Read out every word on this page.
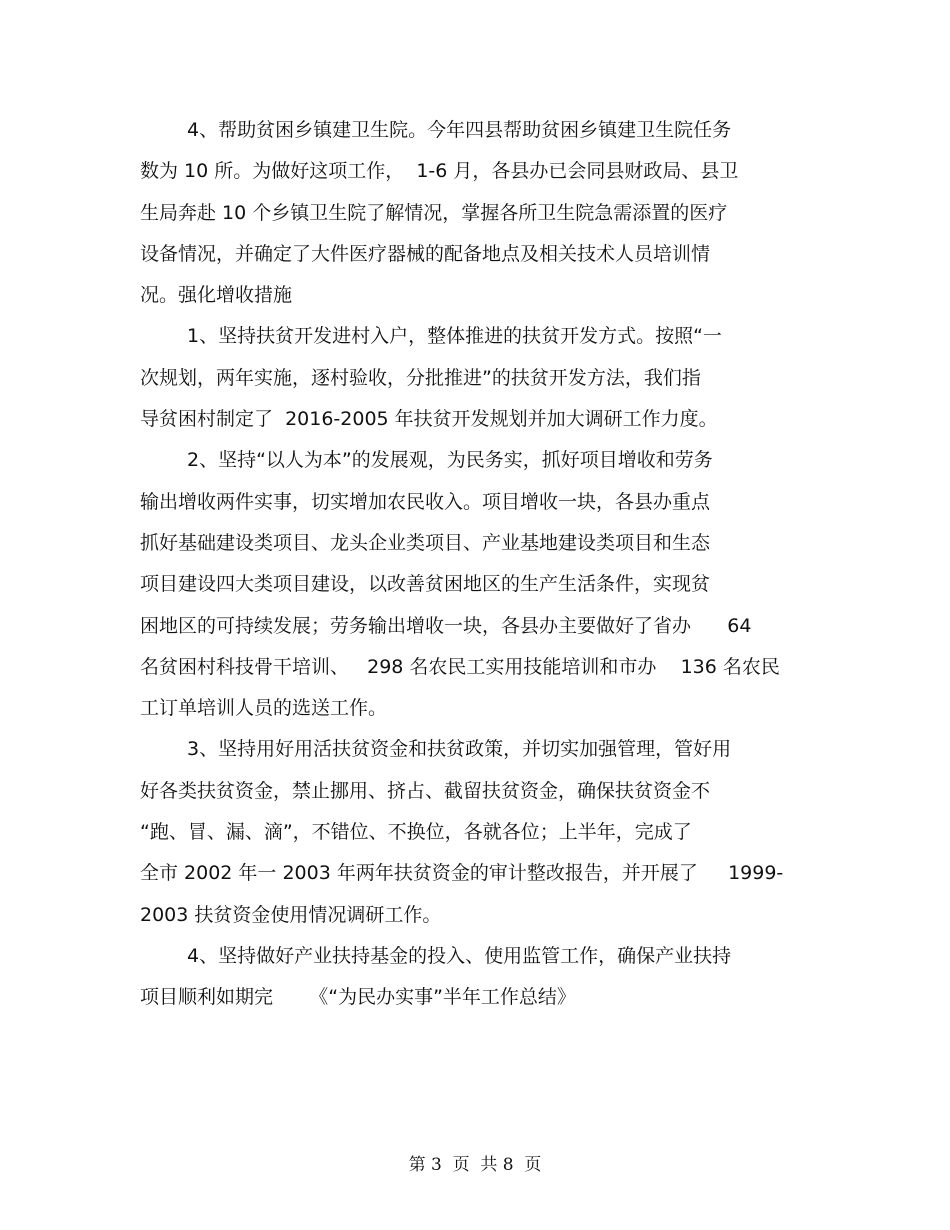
4、帮助贫困乡镇建卫生院。今年四县帮助贫困乡镇建卫生院任务
数为 10 所。为做好这项工作，  1-6 月，各县办已会同县财政局、县卫
生局奔赴 10 个乡镇卫生院了解情况，掌握各所卫生院急需添置的医疗
设备情况，并确定了大件医疗器械的配备地点及相关技术人员培训情
况。强化增收措施
1、坚持扶贫开发进村入户，整体推进的扶贫开发方式。按照“一
次规划，两年实施，逐村验收，分批推进”的扶贫开发方法，我们指
导贫困村制定了  2016-2005 年扶贫开发规划并加大调研工作力度。
2、坚持“以人为本”的发展观，为民务实，抓好项目增收和劳务
输出增收两件实事，切实增加农民收入。项目增收一块，各县办重点
抓好基础建设类项目、龙头企业类项目、产业基地建设类项目和生态
项目建设四大类项目建设，以改善贫困地区的生产生活条件，实现贫
困地区的可持续发展；劳务输出增收一块，各县办主要做好了省办      64
名贫困村科技骨干培训、   298 名农民工实用技能培训和市办    136 名农民
工订单培训人员的选送工作。
3、坚持用好用活扶贫资金和扶贫政策，并切实加强管理，管好用
好各类扶贫资金，禁止挪用、挤占、截留扶贫资金，确保扶贫资金不
“跑、冒、漏、滴”，不错位、不换位，各就各位；上半年，完成了
全市 2002 年一 2003 年两年扶贫资金的审计整改报告，并开展了     1999-
2003 扶贫资金使用情况调研工作。
4、坚持做好产业扶持基金的投入、使用监管工作，确保产业扶持
项目顺利如期完      《“为民办实事”半年工作总结》
第 3  页  共 8  页
